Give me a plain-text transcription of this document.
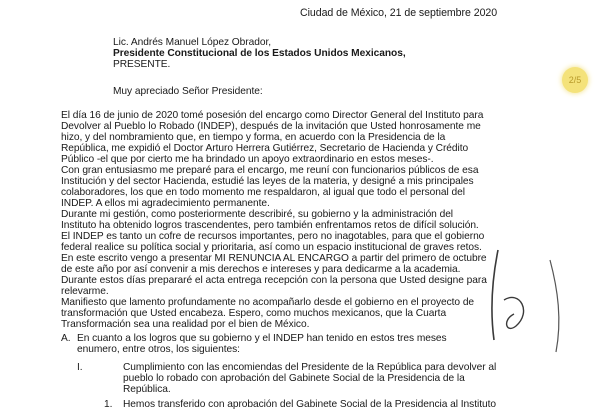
Ciudad de México, 21 de septiembre 2020
Lic. Andrés Manuel López Obrador,
Presidente Constitucional de los Estados Unidos Mexicanos,
PRESENTE.
Muy apreciado Señor Presidente:
2/5
El día 16 de junio de 2020 tomé posesión del encargo como Director General del Instituto para
Devolver al Pueblo lo Robado (INDEP), después de la invitación que Usted honrosamente me
hizo, y del nombramiento que, en tiempo y forma, en acuerdo con la Presidencia de la
República, me expidió el Doctor Arturo Herrera Gutiérrez, Secretario de Hacienda y Crédito
Público -el que por cierto me ha brindado un apoyo extraordinario en estos meses-.
Con gran entusiasmo me preparé para el encargo, me reuní con funcionarios públicos de esa
Institución y del sector Hacienda, estudié las leyes de la materia, y designé a mis principales
colaboradores, los que en todo momento me respaldaron, al igual que todo el personal del
INDEP. A ellos mi agradecimiento permanente.
Durante mi gestión, como posteriormente describiré, su gobierno y la administración del
Instituto ha obtenido logros trascendentes, pero también enfrentamos retos de difícil solución.
El INDEP es tanto un cofre de recursos importantes, pero no inagotables, para que el gobierno
federal realice su política social y prioritaria, así como un espacio institucional de graves retos.
En este escrito vengo a presentar MI RENUNCIA AL ENCARGO a partir del primero de octubre
de este año por así convenir a mis derechos e intereses y para dedicarme a la academia.
Durante estos días prepararé el acta entrega recepción con la persona que Usted designe para
relevarme.
Manifiesto que lamento profundamente no acompañarlo desde el gobierno en el proyecto de
transformación que Usted encabeza. Espero, como muchos mexicanos, que la Cuarta
Transformación sea una realidad por el bien de México.
A. En cuanto a los logros que su gobierno y el INDEP han tenido en estos tres meses
enumero, entre otros, los siguientes:
I.	Cumplimiento con las encomiendas del Presidente de la República para devolver al
pueblo lo robado con aprobación del Gabinete Social de la Presidencia de la
República.
1. Hemos transferido con aprobación del Gabinete Social de la Presidencia al Instituto
